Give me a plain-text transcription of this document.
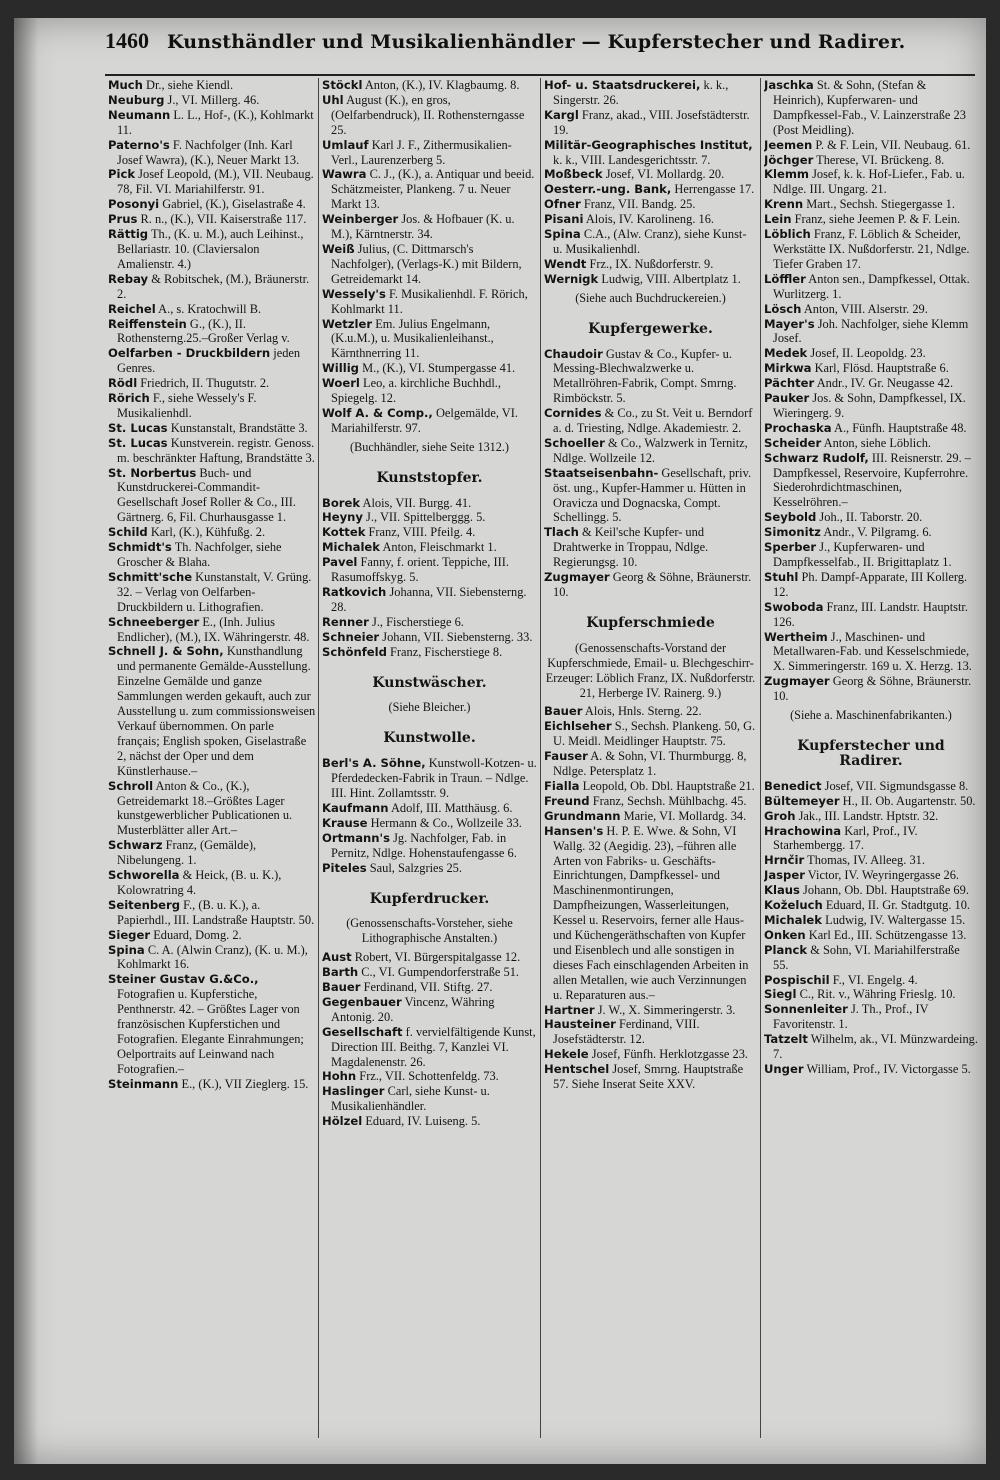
1460 Kunsthändler und Musikalienhändler — Kupferstecher und Radirer.
Much Dr., siehe Kiendl.
Neuburg J., VI. Millerg. 46.
Neumann L. L., Hof-, (K.), Kohlmarkt 11.
Paterno's F. Nachfolger (Inh. Karl Josef Wawra), (K.), Neuer Markt 13.
Pick Josef Leopold, (M.), VII. Neubaug. 78, Fil. VI. Mariahilferstr. 91.
Posonyi Gabriel, (K.), Giselastraße 4.
Prus R. n., (K.), VII. Kaiserstraße 117.
Rättig Th., (K. u. M.), auch Leihinst., Bellariastr. 10. (Claviersalon Amalienstr. 4.)
Rebay & Robitschek, (M.), Bräunerstr. 2.
Reichel A., s. Kratochwill B.
Reiffenstein G., (K.), II. Rothensterng.25.–Großer Verlag v.
Oelfarben - Druckbildern jeden Genres.
Rödl Friedrich, II. Thugutstr. 2.
Rörich F., siehe Wessely's F. Musikalienhdl.
St. Lucas Kunstanstalt, Brandstätte 3.
St. Lucas Kunstverein. registr. Genoss. m. beschränkter Haftung, Brandstätte 3.
St. Norbertus Buch- und Kunstdruckerei-Commandit-Gesellschaft Josef Roller & Co., III. Gärtnerg. 6, Fil. Churhausgasse 1.
Schild Karl, (K.), Kühfußg. 2.
Schmidt's Th. Nachfolger, siehe Groscher & Blaha.
Schmitt'sche Kunstanstalt, V. Grüng. 32. – Verlag von Oelfarben-Druckbildern u. Lithografien.
Schneeberger E., (Inh. Julius Endlicher), (M.), IX. Währingerstr. 48.
Schnell J. & Sohn, Kunsthandlung und permanente Gemälde-Ausstellung. Einzelne Gemälde und ganze Sammlungen werden gekauft, auch zur Ausstellung u. zum commissionsweisen Verkauf übernommen. On parle français; English spoken, Giselastraße 2, nächst der Oper und dem Künstlerhause.–
Schroll Anton & Co., (K.), Getreidemarkt 18.–Größtes Lager kunstgewerblicher Publicationen u. Musterblätter aller Art.–
Schwarz Franz, (Gemälde), Nibelungeng. 1.
Schworella & Heick, (B. u. K.), Kolowratring 4.
Seitenberg F., (B. u. K.), a. Papierhdl., III. Landstraße Hauptstr. 50.
Sieger Eduard, Domg. 2.
Spina C. A. (Alwin Cranz), (K. u. M.), Kohlmarkt 16.
Steiner Gustav G.&Co., Fotografien u. Kupferstiche, Penthnerstr. 42. – Größtes Lager von französischen Kupferstichen und Fotografien. Elegante Einrahmungen; Oelportraits auf Leinwand nach Fotografien.–
Steinmann E., (K.), VII Zieglerg. 15.
Stöckl Anton, (K.), IV. Klagbaumg. 8.
Uhl August (K.), en gros, (Oelfarbendruck), II. Rothensterngasse 25.
Umlauf Karl J. F., Zithermusikalien-Verl., Laurenzerberg 5.
Wawra C. J., (K.), a. Antiquar und beeid. Schätzmeister, Plankeng. 7 u. Neuer Markt 13.
Weinberger Jos. & Hofbauer (K. u. M.), Kärntnerstr. 34.
Weiß Julius, (C. Dittmarsch's Nachfolger), (Verlags-K.) mit Bildern, Getreidemarkt 14.
Wessely's F. Musikalienhdl. F. Rörich, Kohlmarkt 11.
Wetzler Em. Julius Engelmann, (K.u.M.), u. Musikalienleihanst., Kärnthnerring 11.
Willig M., (K.), VI. Stumpergasse 41.
Woerl Leo, a. kirchliche Buchhdl., Spiegelg. 12.
Wolf A. & Comp., Oelgemälde, VI. Mariahilferstr. 97.
(Buchhändler, siehe Seite 1312.)
Kunststopfer.
Borek Alois, VII. Burgg. 41.
Heyny J., VII. Spittelberggg. 5.
Kottek Franz, VIII. Pfeilg. 4.
Michalek Anton, Fleischmarkt 1.
Pavel Fanny, f. orient. Teppiche, III. Rasumoffskyg. 5.
Ratkovich Johanna, VII. Siebensterng. 28.
Renner J., Fischerstiege 6.
Schneier Johann, VII. Siebensterng. 33.
Schönfeld Franz, Fischerstiege 8.
Kunstwäscher.
(Siehe Bleicher.)
Kunstwolle.
Berl's A. Söhne, Kunstwoll-Kotzen- u. Pferdedecken-Fabrik in Traun. – Ndlge. III. Hint. Zollamtsstr. 9.
Kaufmann Adolf, III. Matthäusg. 6.
Krause Hermann & Co., Wollzeile 33.
Ortmann's Jg. Nachfolger, Fab. in Pernitz, Ndlge. Hohenstaufengasse 6.
Piteles Saul, Salzgries 25.
Kupferdrucker.
(Genossenschafts-Vorsteher, siehe Lithographische Anstalten.)
Aust Robert, VI. Bürgerspitalgasse 12.
Barth C., VI. Gumpendorferstraße 51.
Bauer Ferdinand, VII. Stiftg. 27.
Gegenbauer Vincenz, Währing Antonig. 20.
Gesellschaft f. vervielfältigende Kunst, Direction III. Beithg. 7, Kanzlei VI. Magdalenenstr. 26.
Hohn Frz., VII. Schottenfeldg. 73.
Haslinger Carl, siehe Kunst- u. Musikalienhändler.
Hölzel Eduard, IV. Luiseng. 5.
Hof- u. Staatsdruckerei, k. k., Singerstr. 26.
Kargl Franz, akad., VIII. Josefstädterstr. 19.
Militär-Geographisches Institut, k. k., VIII. Landesgerichtsstr. 7.
Moßbeck Josef, VI. Mollardg. 20.
Oesterr.-ung. Bank, Herrengasse 17.
Ofner Franz, VII. Bandg. 25.
Pisani Alois, IV. Karolineng. 16.
Spina C.A., (Alw. Cranz), siehe Kunst- u. Musikalienhdl.
Wendt Frz., IX. Nußdorferstr. 9.
Wernigk Ludwig, VIII. Albertplatz 1.
(Siehe auch Buchdruckereien.)
Kupfergewerke.
Chaudoir Gustav & Co., Kupfer- u. Messing-Blechwalzwerke u. Metallröhren-Fabrik, Compt. Smrng. Rimböckstr. 5.
Cornides & Co., zu St. Veit u. Berndorf a. d. Triesting, Ndlge. Akademiestr. 2.
Schoeller & Co., Walzwerk in Ternitz, Ndlge. Wollzeile 12.
Staatseisenbahn- Gesellschaft, priv. öst. ung., Kupfer-Hammer u. Hütten in Oravicza und Dognacska, Compt. Schellingg. 5.
Tlach & Keil'sche Kupfer- und Drahtwerke in Troppau, Ndlge. Regierungsg. 10.
Zugmayer Georg & Söhne, Bräunerstr. 10.
Kupferschmiede
(Genossenschafts-Vorstand der Kupferschmiede, Email- u. Blechgeschirr-Erzeuger: Löblich Franz, IX. Nußdorferstr. 21, Herberge IV. Rainerg. 9.)
Bauer Alois, Hnls. Sterng. 22.
Eichlseher S., Sechsh. Plankeng. 50, G. U. Meidl. Meidlinger Hauptstr. 75.
Fauser A. & Sohn, VI. Thurmburgg. 8, Ndlge. Petersplatz 1.
Fialla Leopold, Ob. Dbl. Hauptstraße 21.
Freund Franz, Sechsh. Mühlbachg. 45.
Grundmann Marie, VI. Mollardg. 34.
Hansen's H. P. E. Wwe. & Sohn, VI Wallg. 32 (Aegidig. 23), –führen alle Arten von Fabriks- u. Geschäfts-Einrichtungen, Dampfkessel- und Maschinenmontirungen, Dampfheizungen, Wasserleitungen, Kessel u. Reservoirs, ferner alle Haus- und Küchengeräthschaften von Kupfer und Eisenblech und alle sonstigen in dieses Fach einschlagenden Arbeiten in allen Metallen, wie auch Verzinnungen u. Reparaturen aus.–
Hartner J. W., X. Simmeringerstr. 3.
Hausteiner Ferdinand, VIII. Josefstädterstr. 12.
Hekele Josef, Fünfh. Herklotzgasse 23.
Hentschel Josef, Smrng. Hauptstraße 57. Siehe Inserat Seite XXV.
Jaschka St. & Sohn, (Stefan & Heinrich), Kupferwaren- und Dampfkessel-Fab., V. Lainzerstraße 23 (Post Meidling).
Jeemen P. & F. Lein, VII. Neubaug. 61.
Jöchger Therese, VI. Brückeng. 8.
Klemm Josef, k. k. Hof-Liefer., Fab. u. Ndlge. III. Ungarg. 21.
Krenn Mart., Sechsh. Stiegergasse 1.
Lein Franz, siehe Jeemen P. & F. Lein.
Löblich Franz, F. Löblich & Scheider, Werkstätte IX. Nußdorferstr. 21, Ndlge. Tiefer Graben 17.
Löffler Anton sen., Dampfkessel, Ottak. Wurlitzerg. 1.
Lösch Anton, VIII. Alserstr. 29.
Mayer's Joh. Nachfolger, siehe Klemm Josef.
Medek Josef, II. Leopoldg. 23.
Mirkwa Karl, Flösd. Hauptstraße 6.
Pächter Andr., IV. Gr. Neugasse 42.
Pauker Jos. & Sohn, Dampfkessel, IX. Wieringerg. 9.
Prochaska A., Fünfh. Hauptstraße 48.
Scheider Anton, siehe Löblich.
Schwarz Rudolf, III. Reisnerstr. 29. –Dampfkessel, Reservoire, Kupferrohre. Siederohrdichtmaschinen, Kesselröhren.–
Seybold Joh., II. Taborstr. 20.
Simonitz Andr., V. Pilgramg. 6.
Sperber J., Kupferwaren- und Dampfkesselfab., II. Brigittaplatz 1.
Stuhl Ph. Dampf-Apparate, III Kollerg. 12.
Swoboda Franz, III. Landstr. Hauptstr. 126.
Wertheim J., Maschinen- und Metallwaren-Fab. und Kesselschmiede, X. Simmeringerstr. 169 u. X. Herzg. 13.
Zugmayer Georg & Söhne, Bräunerstr. 10.
(Siehe a. Maschinenfabrikanten.)
Kupferstecher und Radirer.
Benedict Josef, VII. Sigmundsgasse 8.
Bültemeyer H., II. Ob. Augartenstr. 50.
Groh Jak., III. Landstr. Hptstr. 32.
Hrachowina Karl, Prof., IV. Starhembergg. 17.
Hrnčir Thomas, IV. Alleeg. 31.
Jasper Victor, IV. Weyringergasse 26.
Klaus Johann, Ob. Dbl. Hauptstraße 69.
Koželuch Eduard, II. Gr. Stadtgutg. 10.
Michalek Ludwig, IV. Waltergasse 15.
Onken Karl Ed., III. Schützengasse 13.
Planck & Sohn, VI. Mariahilferstraße 55.
Pospischil F., VI. Engelg. 4.
Siegl C., Rit. v., Währing Frieslg. 10.
Sonnenleiter J. Th., Prof., IV Favoritenstr. 1.
Tatzelt Wilhelm, ak., VI. Münzwardeing. 7.
Unger William, Prof., IV. Victorgasse 5.
